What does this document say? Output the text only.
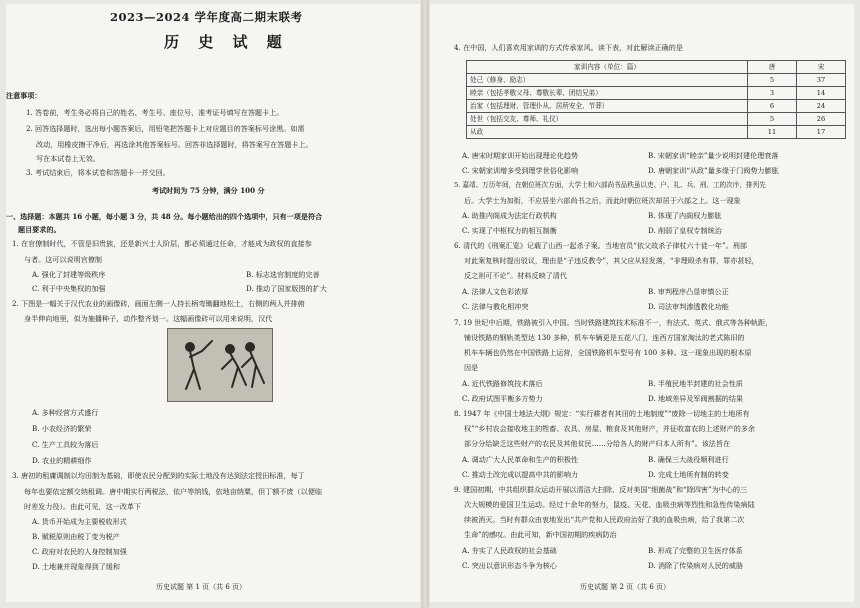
2023—2024 学年度高二期末联考
历 史 试 题
注意事项：
1. 答卷前，考生务必将自己的姓名、考生号、座位号、准考证号填写在答题卡上。
2. 回答选择题时，选出每小题答案后，用铅笔把答题卡上对应题目的答案标号涂黑。如需
改动，用橡皮擦干净后，再选涂其他答案标号。回答非选择题时，将答案写在答题卡上。
写在本试卷上无效。
3. 考试结束后，将本试卷和答题卡一并交回。
考试时间为 75 分钟，满分 100 分
一、选择题：本题共 16 小题，每小题 3 分，共 48 分。每小题给出的四个选项中，只有一项是符合
题目要求的。
1. 在官僚制时代，不管是旧贵族，还是新兴士人阶层，都必须通过任命，才能成为政权的直接参
与者。这可以说明官僚制
A. 强化了封建等级秩序	B. 标志选官制度的完善
C. 利于中央集权的加强	D. 推动了国家版图的扩大
2. 下图是一幅关于汉代农业的画像砖，画面左侧一人持长柄弯锄翻地松土，右侧的两人并排俯
身半伸向地里，似为施播种子，动作整齐划一。这幅画像砖可以用来说明，汉代
A. 多种经营方式盛行
B. 小农经济的繁荣
C. 生产工具较为落后
D. 农业的精耕细作
3. 唐初的租庸调制以均田制为基础，即使农民分配到的实际土地没有达到法定授田标准，每丁
每年也要依定额交纳租调。唐中期实行两税法，依户等纳钱，依地亩纳粟，但丁额不废（以便临
时差发力役）。由此可见，这一改革下
A. 货币开始成为主要税收形式
B. 赋税原则由税丁变为税产
C. 政府对农民的人身控制加强
D. 土地兼并现象得到了缓和
历史试题 第 1 页（共 6 页）
4. 在中国，人们喜欢用家训的方式传承家风。读下表，对此解读正确的是
家训内容（单位：篇）	唐	宋
处己（修身、励志）	5	37
睦亲（包括孝敬父母、尊敬长辈、团结兄弟）	3	14
治家（包括理财、管理仆从、居所安全、节葬）	6	24
处世（包括交友、尊师、礼仪）	5	26
从政	11	17
A. 唐宋时期家训开始出现理论化趋势	B. 宋朝家训“睦亲”量少说明封建伦理衰落
C. 宋朝家训增多受到理学世俗化影响	D. 唐朝家训“从政”量多缘于门阀势力膨胀
5. 嘉靖、万历年间，在朝位班次方面，大学士和六部尚书品秩虽以吏、户、礼、兵、刑、工的次序，排列先
后。大学士为加衔，不应居坐六部尚书之后，而此时朝位班次却居于六部之上。这一现象
A. 助推内阁成为法定行政机构	B. 体现了内阁权力膨胀
C. 实现了中枢权力的相互制衡	D. 削弱了皇权专制统治
6. 清代的《刑案汇览》记载了山西一起杀子案。当地官员“依父故杀子律杖六十徒一年”。刑部
对此案复核时提出驳议，理由是“子违反教令”，其父应从轻发落，“非理殴杀有罪，罪亦甚轻，
反之则可不论”。材料反映了清代
A. 法律人文色彩浓厚	B. 审判程序凸显审慎公正
C. 法律与教化相冲突	D. 司法审判渗透教化功能
7. 19 世纪中后期，铁路被引入中国。当时铁路建筑技术标准不一，有法式、英式、俄式等各种轨距，
铺设铁路的钢轨类型达 130 多种，机车车辆更是五花八门，连西方国家淘汰的老式陈旧的
机车车辆也仍然在中国铁路上运营，全国铁路机车型号有 100 多种。这一现象出现的根本原
因是
A. 近代铁路修筑技术落后	B. 半殖民地半封建的社会性质
C. 政府试图平衡多方势力	D. 地域差异及军阀割据的结果
8. 1947 年《中国土地法大纲》规定：“实行耕者有其田的土地制度”“废除一切地主的土地所有
权”“乡村农会接收地主的牲畜、农具、房屋、粮食及其他财产，并征收富农的上述财产的多余
部分分给缺乏这些财产的农民及其他贫民……分给各人的财产归本人所有”。该法旨在
A. 调动广大人民革命和生产的积极性	B. 确保三大战役顺利进行
C. 推动土改完成以提高中共的影响力	D. 完成土地所有制的转变
9. 建国初期，中共组织群众运动开展以清洁大扫除、反对美国“细菌战”和“除四害”为中心的三
次大规模的爱国卫生运动。经过十余年的努力，鼠疫、天花、血吸虫病等烈性和急性传染病陆
续被消灭。当时有群众由衷地发出“共产党和人民政府治好了我的血吸虫病，给了我第二次
生命”的感叹。由此可知，新中国初期的疾病防治
A. 夯实了人民政权的社会基础	B. 形成了完整的卫生医疗体系
C. 突出以意识形态斗争为核心	D. 消除了传染病对人民的威胁
历史试题 第 2 页（共 6 页）
